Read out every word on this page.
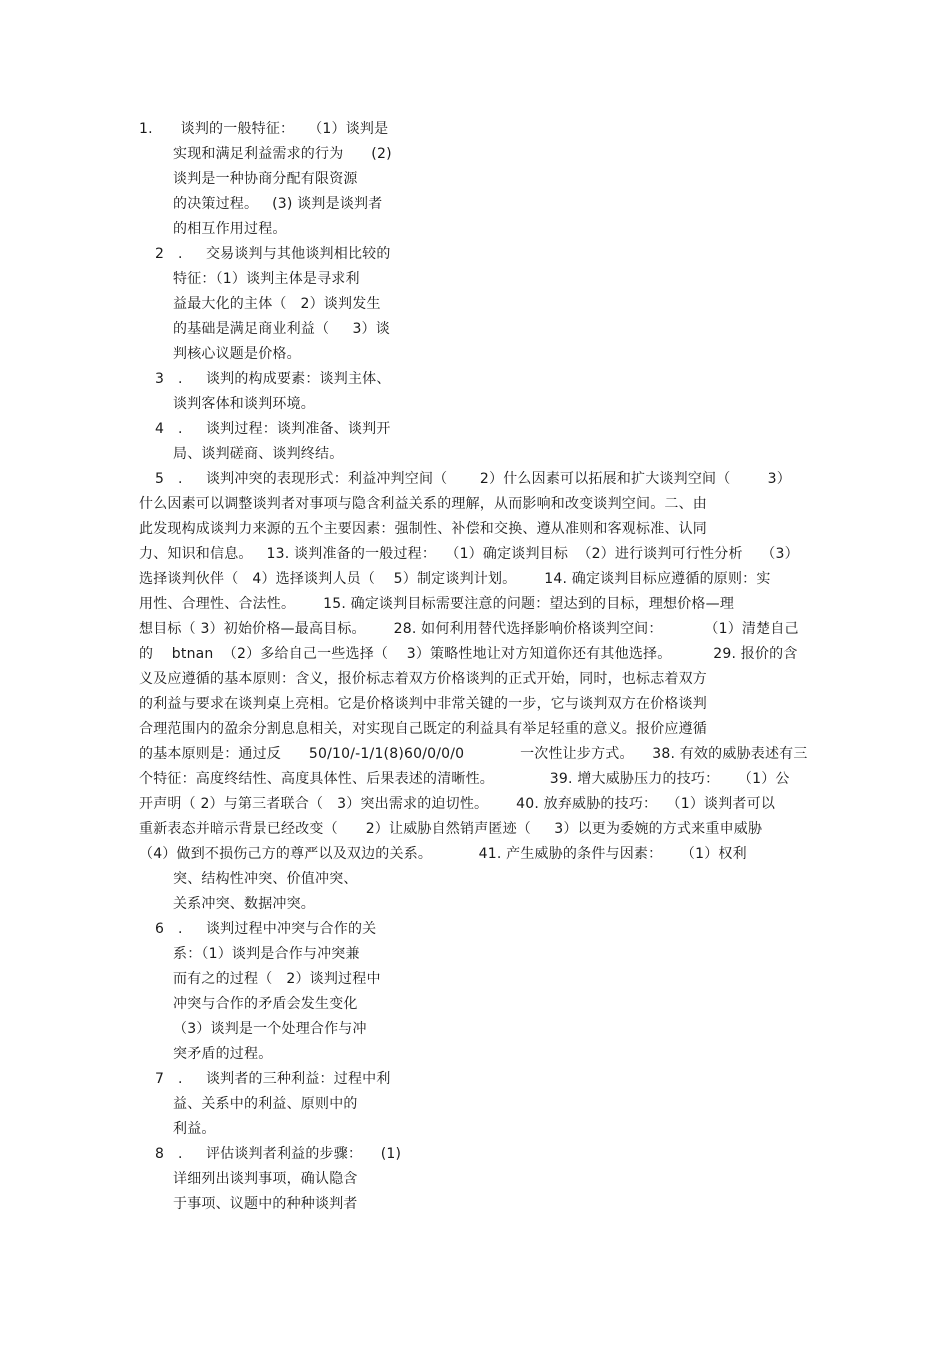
1.      谈判的一般特征：   （1）谈判是
实现和满足利益需求的行为      (2)
谈判是一种协商分配有限资源
的决策过程。   (3) 谈判是谈判者
的相互作用过程。
2   .     交易谈判与其他谈判相比较的
特征：（1）谈判主体是寻求利
益最大化的主体（   2）谈判发生
的基础是满足商业利益（     3）谈
判核心议题是价格。
3   .     谈判的构成要素：谈判主体、
谈判客体和谈判环境。
4   .     谈判过程：谈判准备、谈判开
局、谈判磋商、谈判终结。
5   .     谈判冲突的表现形式：利益冲判空间（       2）什么因素可以拓展和扩大谈判空间（        3）
什么因素可以调整谈判者对事项与隐含利益关系的理解，从而影响和改变谈判空间。二、由
此发现构成谈判力来源的五个主要因素：强制性、补偿和交换、遵从准则和客观标准、认同
力、知识和信息。   13. 谈判准备的一般过程：  （1）确定谈判目标  （2）进行谈判可行性分析    （3）
选择谈判伙伴（   4）选择谈判人员（    5）制定谈判计划。      14. 确定谈判目标应遵循的原则：实
用性、合理性、合法性。      15. 确定谈判目标需要注意的问题：望达到的目标，理想价格—理
想目标（ 3）初始价格—最高目标。      28. 如何利用替代选择影响价格谈判空间：         （1）清楚自己
的    btnan  （2）多给自己一些选择（    3）策略性地让对方知道你还有其他选择。         29. 报价的含
义及应遵循的基本原则：含义，报价标志着双方价格谈判的正式开始，同时，也标志着双方
的利益与要求在谈判桌上亮相。它是价格谈判中非常关键的一步，它与谈判双方在价格谈判
合理范围内的盈余分割息息相关，对实现自己既定的利益具有举足轻重的意义。报价应遵循
的基本原则是：通过反      50/10/-1/1(8)60/0/0/0            一次性让步方式。    38. 有效的威胁表述有三
个特征：高度终结性、高度具体性、后果表述的清晰性。            39. 增大威胁压力的技巧：    （1）公
开声明（ 2）与第三者联合（   3）突出需求的迫切性。      40. 放弃威胁的技巧：  （1）谈判者可以
重新表态并暗示背景已经改变（      2）让威胁自然销声匿迹（     3）以更为委婉的方式来重申威胁
（4）做到不损伤己方的尊严以及双边的关系。          41. 产生威胁的条件与因素：    （1）权利
突、结构性冲突、价值冲突、
关系冲突、数据冲突。
6   .     谈判过程中冲突与合作的关
系：（1）谈判是合作与冲突兼
而有之的过程（   2）谈判过程中
冲突与合作的矛盾会发生变化
（3）谈判是一个处理合作与冲
突矛盾的过程。
7   .     谈判者的三种利益：过程中利
益、关系中的利益、原则中的
利益。
8   .     评估谈判者利益的步骤：    (1)
详细列出谈判事项，确认隐含
于事项、议题中的种种谈判者
